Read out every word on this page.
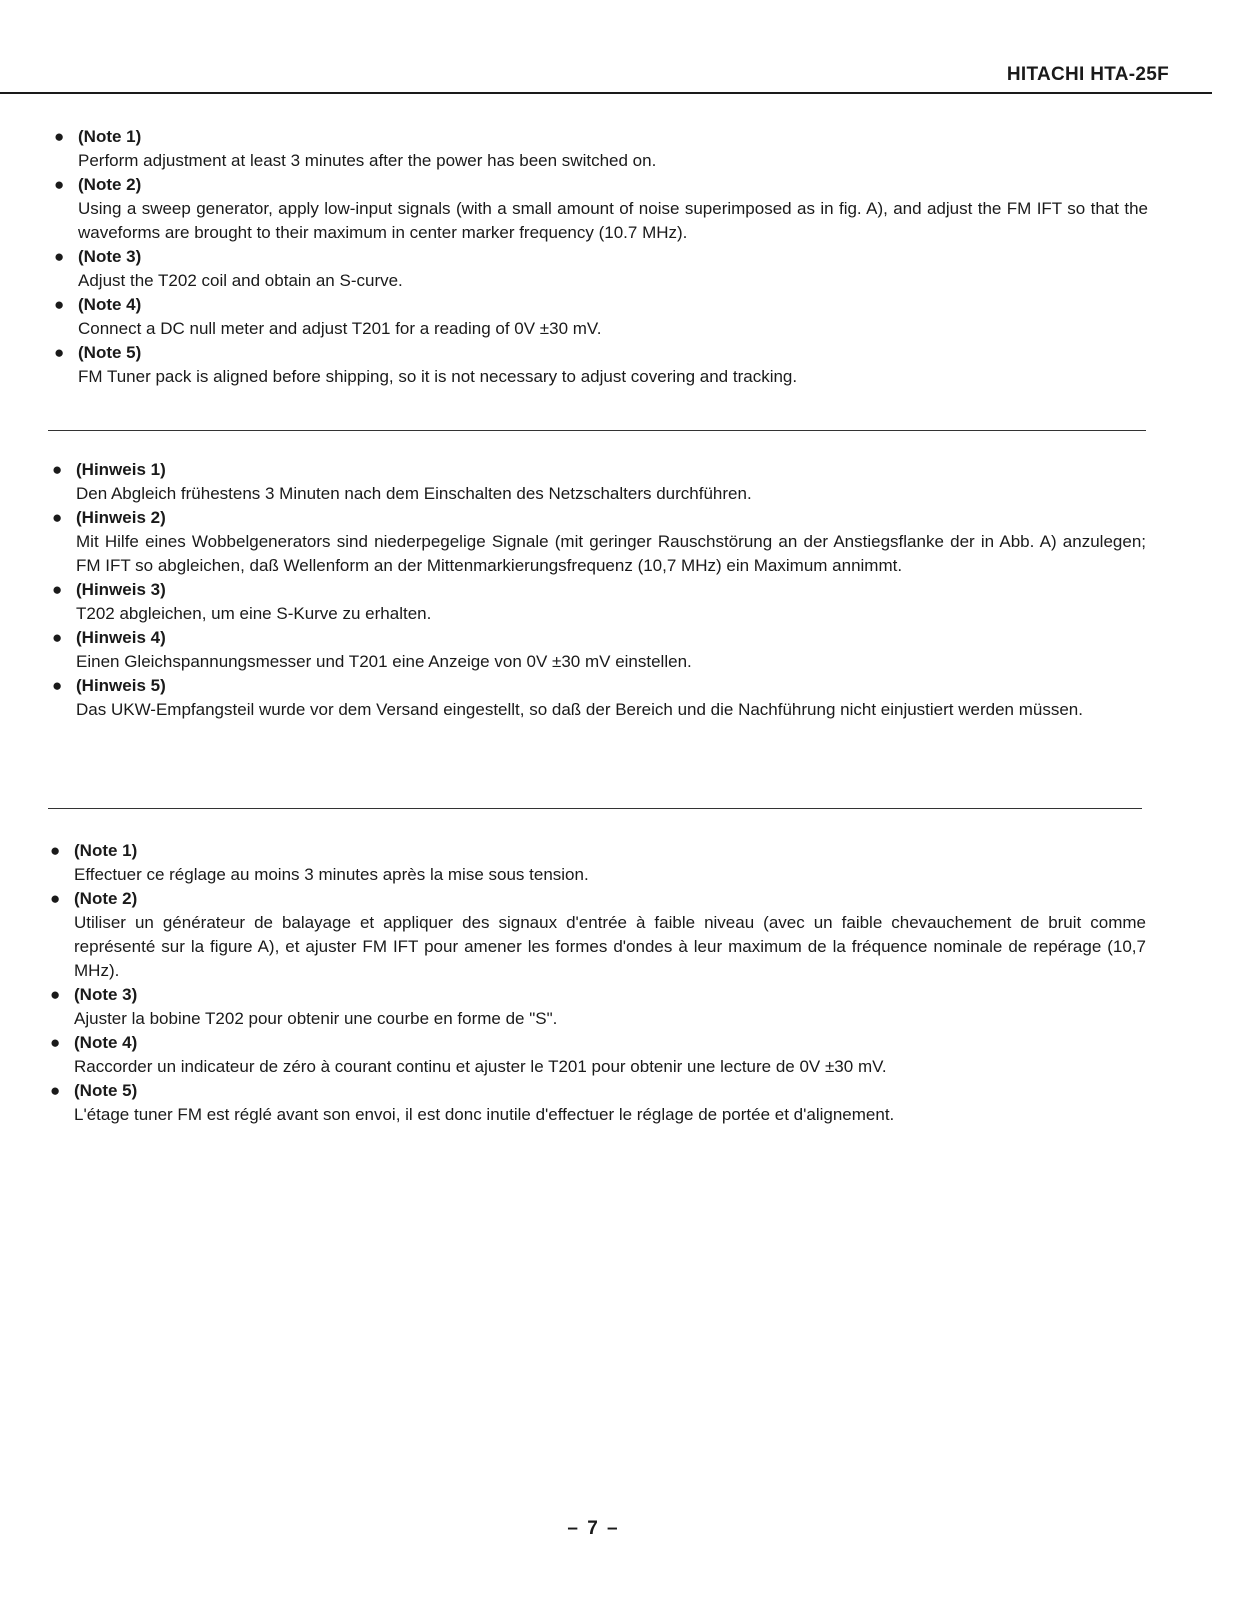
HITACHI HTA-25F
● (Note 1)
Perform adjustment at least 3 minutes after the power has been switched on.
● (Note 2)
Using a sweep generator, apply low-input signals (with a small amount of noise superimposed as in fig. A), and adjust the FM IFT so that the waveforms are brought to their maximum in center marker frequency (10.7 MHz).
● (Note 3)
Adjust the T202 coil and obtain an S-curve.
● (Note 4)
Connect a DC null meter and adjust T201 for a reading of 0V ±30 mV.
● (Note 5)
FM Tuner pack is aligned before shipping, so it is not necessary to adjust covering and tracking.
● (Hinweis 1)
Den Abgleich frühestens 3 Minuten nach dem Einschalten des Netzschalters durchführen.
● (Hinweis 2)
Mit Hilfe eines Wobbelgenerators sind niederpegelige Signale (mit geringer Rauschstörung an der Anstiegsflanke der in Abb. A) anzulegen; FM IFT so abgleichen, daß Wellenform an der Mittenmarkierungsfrequenz (10,7 MHz) ein Maximum annimmt.
● (Hinweis 3)
T202 abgleichen, um eine S-Kurve zu erhalten.
● (Hinweis 4)
Einen Gleichspannungsmesser und T201 eine Anzeige von 0V ±30 mV einstellen.
● (Hinweis 5)
Das UKW-Empfangsteil wurde vor dem Versand eingestellt, so daß der Bereich und die Nachführung nicht einjustiert werden müssen.
● (Note 1)
Effectuer ce réglage au moins 3 minutes après la mise sous tension.
● (Note 2)
Utiliser un générateur de balayage et appliquer des signaux d'entrée à faible niveau (avec un faible chevauchement de bruit comme représenté sur la figure A), et ajuster FM IFT pour amener les formes d'ondes à leur maximum de la fréquence nominale de repérage (10,7 MHz).
● (Note 3)
Ajuster la bobine T202 pour obtenir une courbe en forme de "S".
● (Note 4)
Raccorder un indicateur de zéro à courant continu et ajuster le T201 pour obtenir une lecture de 0V ±30 mV.
● (Note 5)
L'étage tuner FM est réglé avant son envoi, il est donc inutile d'effectuer le réglage de portée et d'alignement.
– 7 –
